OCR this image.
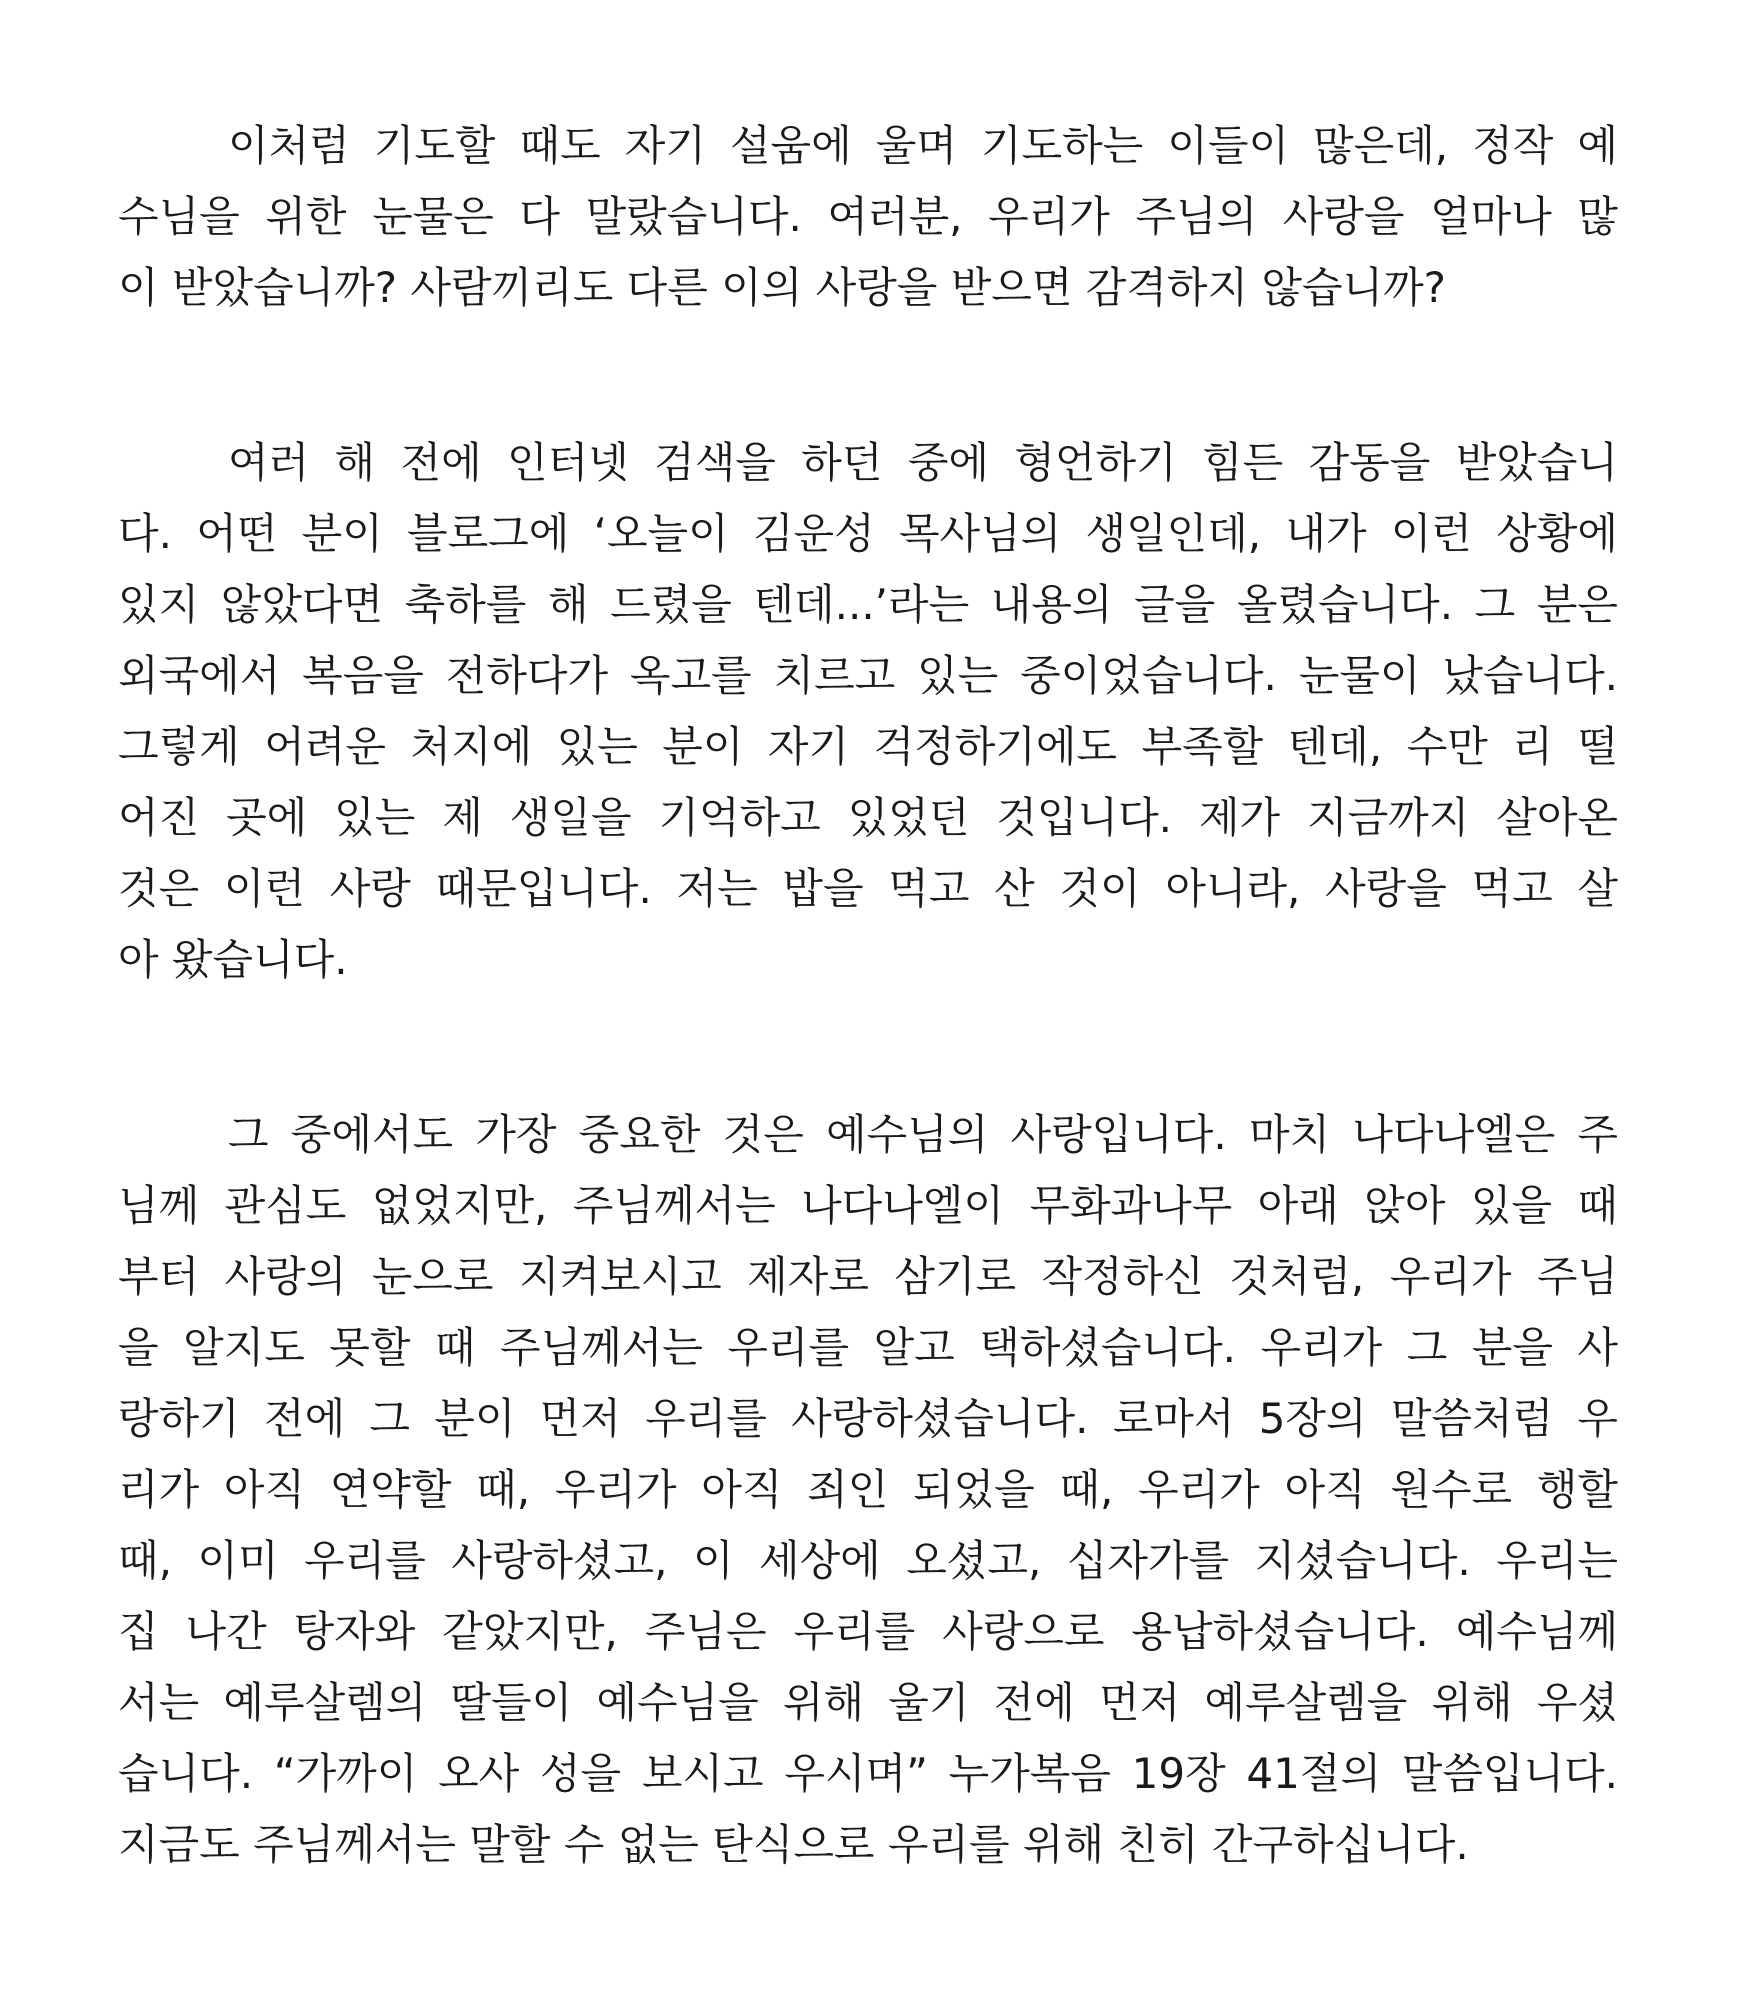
이처럼 기도할 때도 자기 설움에 울며 기도하는 이들이 많은데, 정작 예
수님을 위한 눈물은 다 말랐습니다. 여러분, 우리가 주님의 사랑을 얼마나 많
이 받았습니까? 사람끼리도 다른 이의 사랑을 받으면 감격하지 않습니까?
여러 해 전에 인터넷 검색을 하던 중에 형언하기 힘든 감동을 받았습니
다. 어떤 분이 블로그에 ‘오늘이 김운성 목사님의 생일인데, 내가 이런 상황에
있지 않았다면 축하를 해 드렸을 텐데...’라는 내용의 글을 올렸습니다. 그 분은
외국에서 복음을 전하다가 옥고를 치르고 있는 중이었습니다. 눈물이 났습니다.
그렇게 어려운 처지에 있는 분이 자기 걱정하기에도 부족할 텐데, 수만 리 떨
어진 곳에 있는 제 생일을 기억하고 있었던 것입니다. 제가 지금까지 살아온
것은 이런 사랑 때문입니다. 저는 밥을 먹고 산 것이 아니라, 사랑을 먹고 살
아 왔습니다.
그 중에서도 가장 중요한 것은 예수님의 사랑입니다. 마치 나다나엘은 주
님께 관심도 없었지만, 주님께서는 나다나엘이 무화과나무 아래 앉아 있을 때
부터 사랑의 눈으로 지켜보시고 제자로 삼기로 작정하신 것처럼, 우리가 주님
을 알지도 못할 때 주님께서는 우리를 알고 택하셨습니다. 우리가 그 분을 사
랑하기 전에 그 분이 먼저 우리를 사랑하셨습니다. 로마서 5장의 말씀처럼 우
리가 아직 연약할 때, 우리가 아직 죄인 되었을 때, 우리가 아직 원수로 행할
때, 이미 우리를 사랑하셨고, 이 세상에 오셨고, 십자가를 지셨습니다. 우리는
집 나간 탕자와 같았지만, 주님은 우리를 사랑으로 용납하셨습니다. 예수님께
서는 예루살렘의 딸들이 예수님을 위해 울기 전에 먼저 예루살렘을 위해 우셨
습니다. “가까이 오사 성을 보시고 우시며” 누가복음 19장 41절의 말씀입니다.
지금도 주님께서는 말할 수 없는 탄식으로 우리를 위해 친히 간구하십니다.
